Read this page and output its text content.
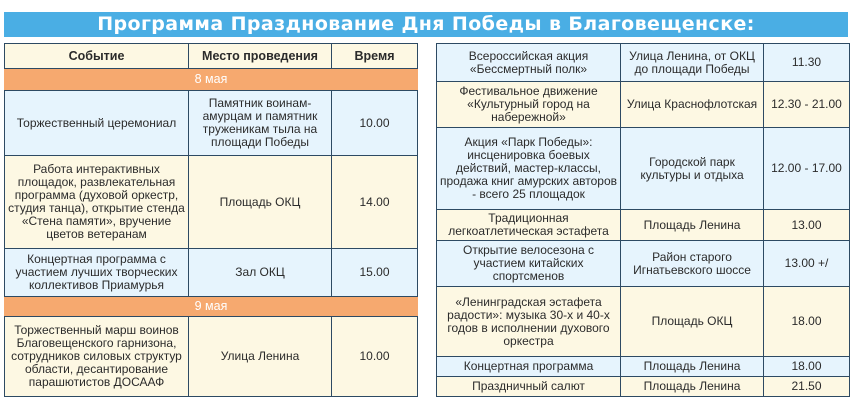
Программа Празднование Дня Победы в Благовещенске:
Событие	Место проведения	Время
8 мая		
Торжественный церемониал	Памятник воинам-амурцам и памятник труженикам тыла на площади Победы	10.00
Работа интерактивных площадок, развлекательная программа (духовой оркестр, студия танца), открытие стенда «Стена памяти», вручение цветов ветеранам	Площадь ОКЦ	14.00
Концертная программа с участием лучших творческих коллективов Приамурья	Зал ОКЦ	15.00
9 мая		
Торжественный марш воинов Благовещенского гарнизона, сотрудников силовых структур области, десантирование парашютистов ДОСААФ	Улица Ленина	10.00
Всероссийская акция «Бессмертный полк»	Улица Ленина, от ОКЦ до площади Победы	11.30
Фестивальное движение «Культурный город на набережной»	Улица Краснофлотская	12.30 - 21.00
Акция «Парк Победы»: инсценировка боевых действий, мастер-классы, продажа книг амурских авторов - всего 25 площадок	Городской парк культуры и отдыха	12.00 - 17.00
Традиционная легкоатлетическая эстафета	Площадь Ленина	13.00
Открытие велосезона с участием китайских спортсменов	Район старого Игнатьевского шоссе	13.00 +/
«Ленинградская эстафета радости»: музыка 30-х и 40-х годов в исполнении духового оркестра	Площадь ОКЦ	18.00
Концертная программа	Площадь Ленина	18.00
Праздничный салют	Площадь Ленина	21.50
